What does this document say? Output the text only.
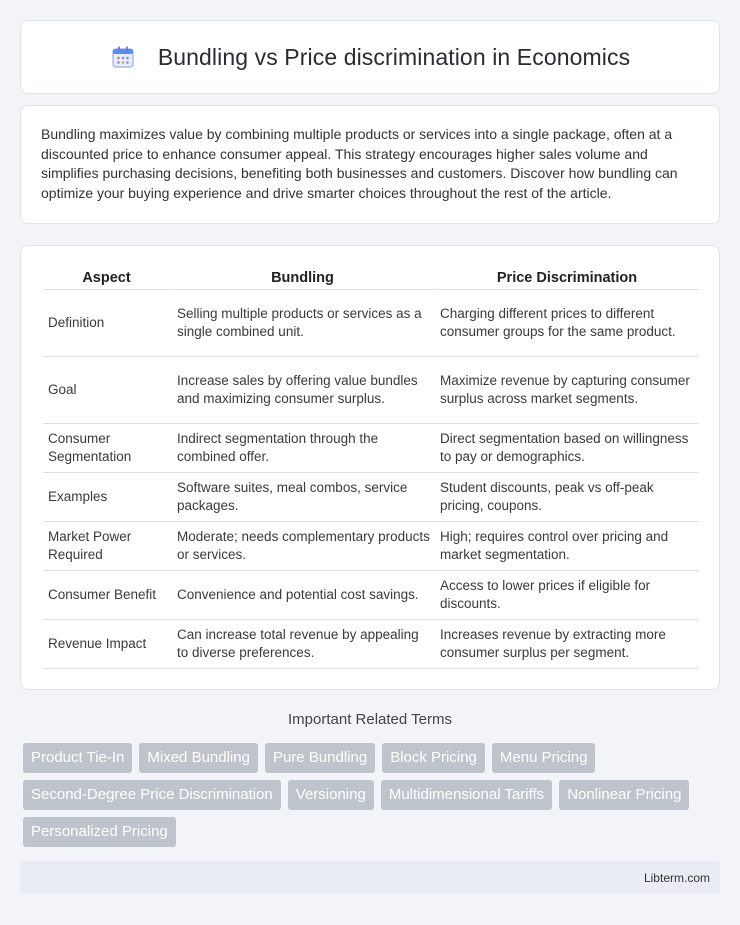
Bundling vs Price discrimination in Economics

Bundling maximizes value by combining multiple products or services into a single package, often at a discounted price to enhance consumer appeal. This strategy encourages higher sales volume and simplifies purchasing decisions, benefiting both businesses and customers. Discover how bundling can optimize your buying experience and drive smarter choices throughout the rest of the article.

Aspect	Bundling	Price Discrimination
Definition	Selling multiple products or services as a single combined unit.	Charging different prices to different consumer groups for the same product.
Goal	Increase sales by offering value bundles and maximizing consumer surplus.	Maximize revenue by capturing consumer surplus across market segments.
Consumer Segmentation	Indirect segmentation through the combined offer.	Direct segmentation based on willingness to pay or demographics.
Examples	Software suites, meal combos, service packages.	Student discounts, peak vs off-peak pricing, coupons.
Market Power Required	Moderate; needs complementary products or services.	High; requires control over pricing and market segmentation.
Consumer Benefit	Convenience and potential cost savings.	Access to lower prices if eligible for discounts.
Revenue Impact	Can increase total revenue by appealing to diverse preferences.	Increases revenue by extracting more consumer surplus per segment.
Important Related Terms
Product Tie-In	Mixed Bundling	Pure Bundling	Block Pricing	Menu Pricing
Second-Degree Price Discrimination	Versioning	Multidimensional Tariffs	Nonlinear Pricing
Personalized Pricing
Libterm.com
